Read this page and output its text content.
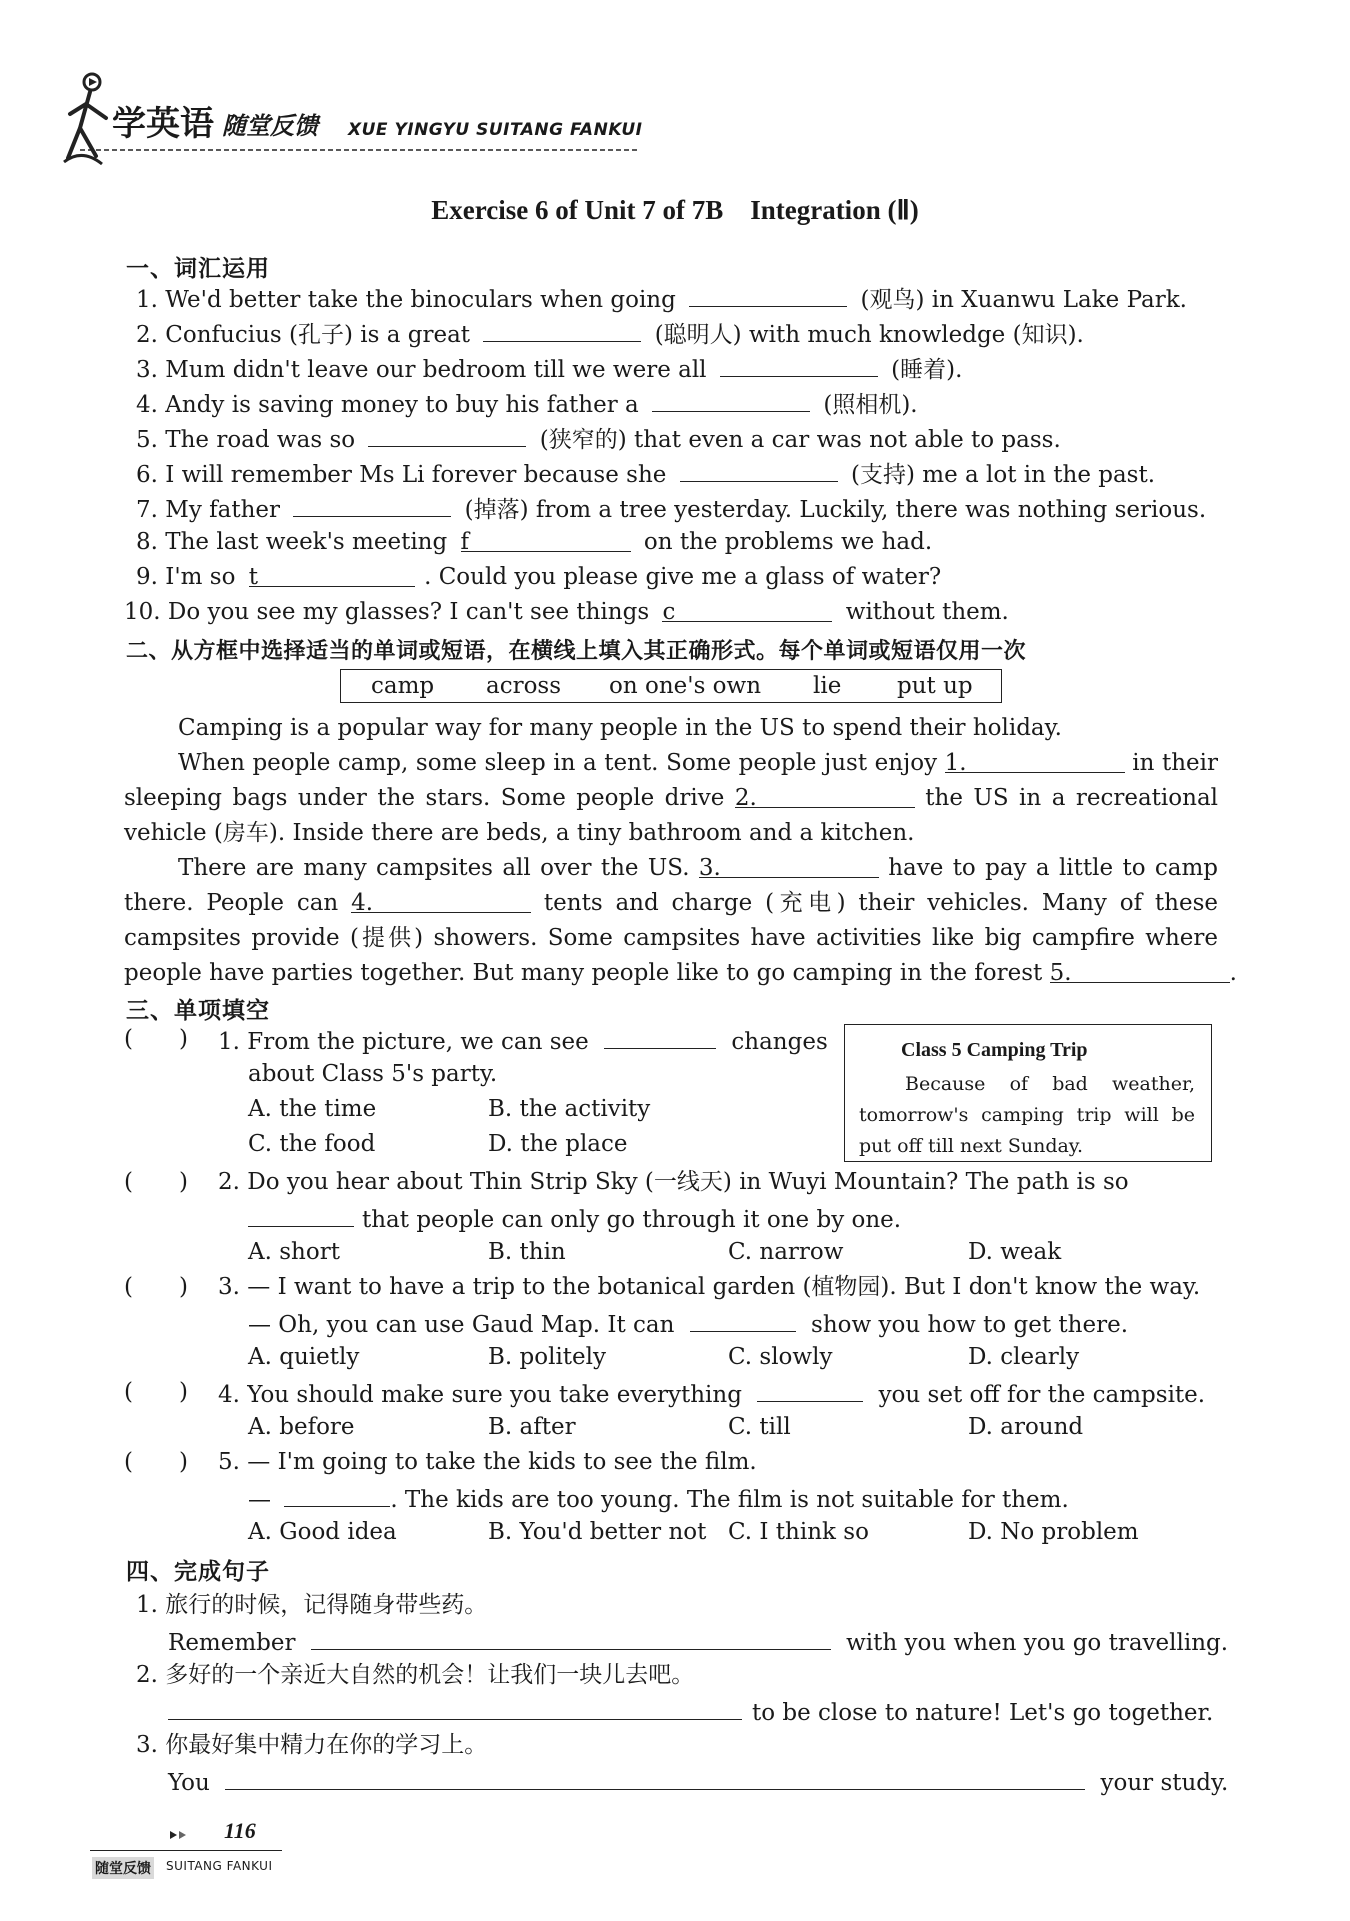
学英语 随堂反馈 XUE YINGYU SUITANG FANKUI
Exercise 6 of Unit 7 of 7B　Integration (Ⅱ)
一、词汇运用
1. We'd better take the binoculars when going	(观鸟) in Xuanwu Lake Park.
2. Confucius (孔子) is a great	(聪明人) with much knowledge (知识).
3. Mum didn't leave our bedroom till we were all	(睡着).
4. Andy is saving money to buy his father a	(照相机).
5. The road was so	(狭窄的) that even a car was not able to pass.
6. I will remember Ms Li forever because she	(支持) me a lot in the past.
7. My father	(掉落) from a tree yesterday. Luckily, there was nothing serious.
8. The last week's meeting f	on the problems we had.
9. I'm so t	. Could you please give me a glass of water?
10. Do you see my glasses? I can't see things c	without them.
二、从方框中选择适当的单词或短语，在横线上填入其正确形式。每个单词或短语仅用一次
camp across on one's own lie put up
Camping is a popular way for many people in the US to spend their holiday.
When people camp, some sleep in a tent. Some people just enjoy 1.	in their
sleeping bags under the stars. Some people drive 2.	the US in a recreational
vehicle (房车). Inside there are beds, a tiny bathroom and a kitchen.
There are many campsites all over the US. 3.	have to pay a little to camp
there. People can 4.	tents and charge (充电) their vehicles. Many of these
campsites provide (提供) showers. Some campsites have activities like big campfire where
people have parties together. But many people like to go camping in the forest 5.	.
三、单项填空
Class 5 Camping Trip
Because of bad weather,
tomorrow's camping trip will be
put off till next Sunday.
(　　) 1. From the picture, we can see	changes
about Class 5's party.
A. the time	B. the activity
C. the food	D. the place
(　　) 2. Do you hear about Thin Strip Sky (一线天) in Wuyi Mountain? The path is so
that people can only go through it one by one.
A. short	B. thin	C. narrow	D. weak
(　　) 3. — I want to have a trip to the botanical garden (植物园). But I don't know the way.
— Oh, you can use Gaud Map. It can	show you how to get there.
A. quietly	B. politely	C. slowly	D. clearly
(　　) 4. You should make sure you take everything	you set off for the campsite.
A. before	B. after	C. till	D. around
(　　) 5. — I'm going to take the kids to see the film.
—	. The kids are too young. The film is not suitable for them.
A. Good idea	B. You'd better not C. I think so	D. No problem
四、完成句子
1. 旅行的时候，记得随身带些药。
Remember	with you when you go travelling.
2. 多好的一个亲近大自然的机会！让我们一块儿去吧。
to be close to nature! Let's go together.
3. 你最好集中精力在你的学习上。
You	your study.
116
随堂反馈 SUITANG FANKUI
